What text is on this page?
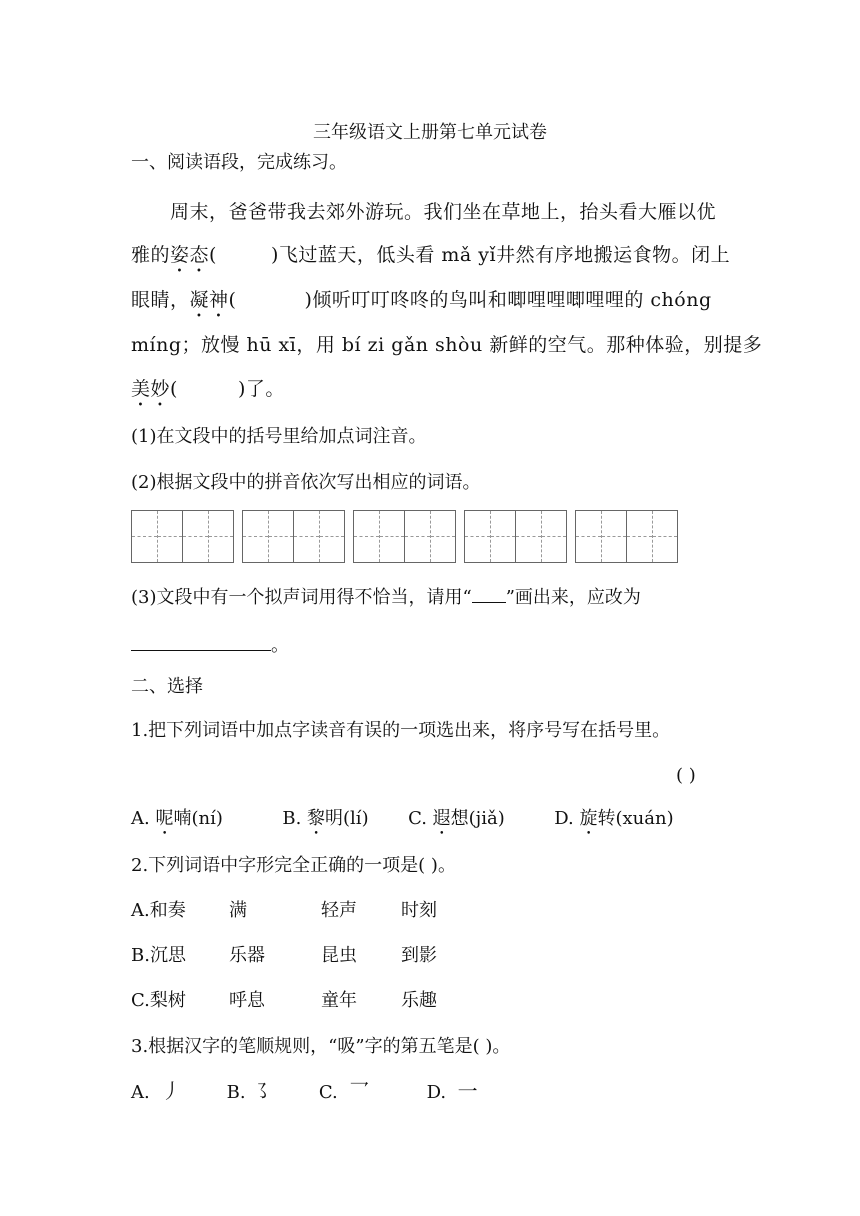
三年级语文上册第七单元试卷
一、阅读语段，完成练习。
周末，爸爸带我去郊外游玩。我们坐在草地上，抬头看大雁以优
雅的姿态(	)飞过蓝天，低头看 mǎ yǐ井然有序地搬运食物。闭上
眼睛，凝神(	)倾听叮叮咚咚的鸟叫和唧哩哩唧哩哩的 chóng
míng；放慢 hū xī，用 bí zi gǎn shòu 新鲜的空气。那种体验，别提多
美妙(	)了。
(1)在文段中的括号里给加点词注音。
(2)根据文段中的拼音依次写出相应的词语。
(3)文段中有一个拟声词用得不恰当，请用“ ”画出来，应改为
。
二、选择
1.把下列词语中加点字读音有误的一项选出来，将序号写在括号里。
( )
A. 呢喃(ní)	B. 黎明(lí) C. 遐想(jiǎ)	D. 旋转(xuán)
2.下列词语中字形完全正确的一项是( )。
A.和奏 满	轻声 时刻
B.沉思 乐器	昆虫 到影
C.梨树 呼息	童年 乐趣
3.根据汉字的笔顺规则，“吸”字的第五笔是( )。
A. 丿	B. ㇌	C. 乛	D. 一
